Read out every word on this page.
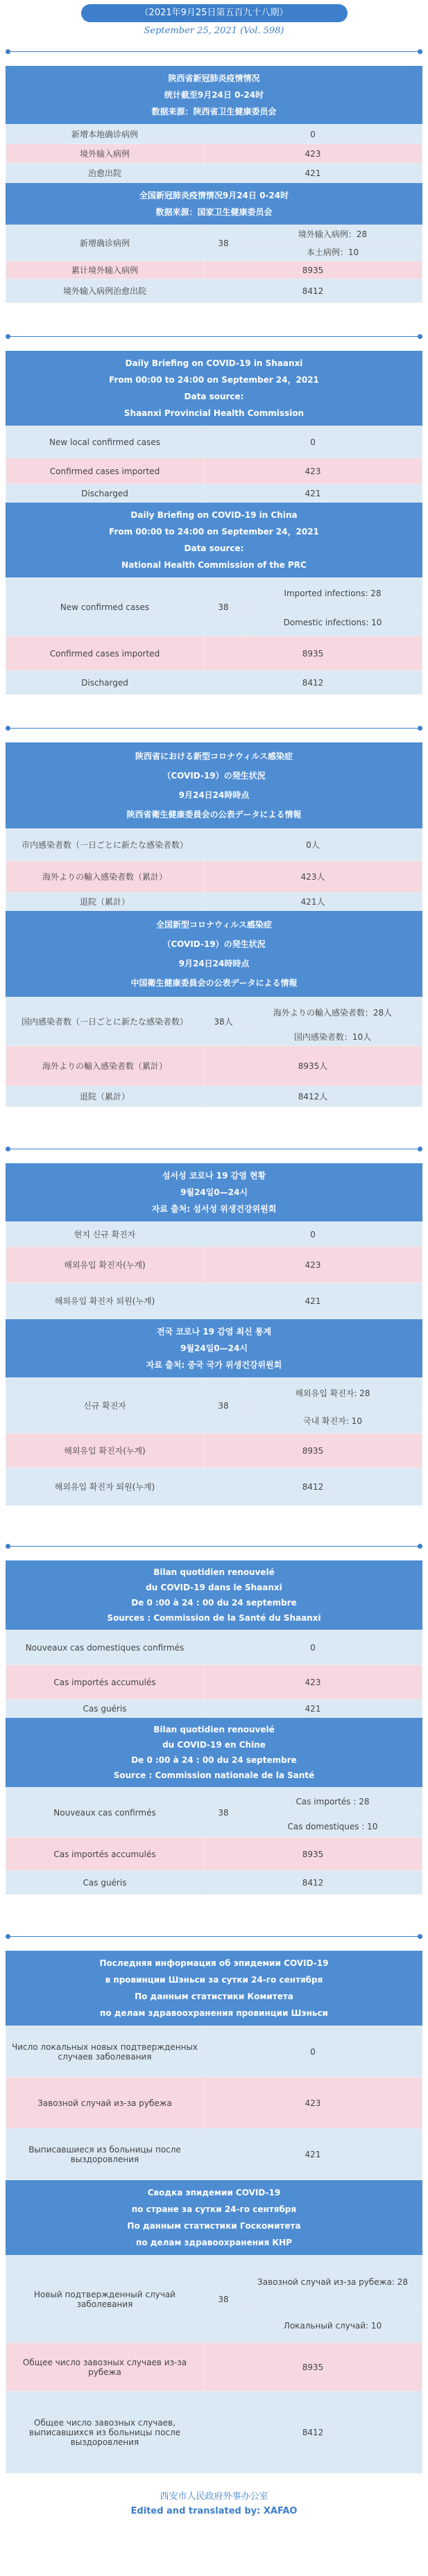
（2021年9月25日第五百九十八期）
September 25, 2021 (Vol. 598)
陕西省新冠肺炎疫情情况
统计截至9月24日 0-24时
数据来源：陕西省卫生健康委员会
新增本地确诊病例	0
境外输入病例	423
治愈出院	421
全国新冠肺炎疫情情况9月24日 0-24时
数据来源：国家卫生健康委员会
新增确诊病例	38	境外输入病例：28
		本土病例：10
累计境外输入病例	8935	
境外输入病例治愈出院	8412	
Daily Briefing on COVID-19 in Shaanxi
From 00:00 to 24:00 on September 24，2021
Data source:
Shaanxi Provincial Health Commission
New local confirmed cases	0
Confirmed cases imported	423
Discharged	421
Daily Briefing on COVID-19 in China
From 00:00 to 24:00 on September 24，2021
Data source:
National Health Commission of the PRC
New confirmed cases	38	Imported infections: 28
		Domestic infections: 10
Confirmed cases imported	8935	
Discharged	8412	
陕西省における新型コロナウィルス感染症
（COVID-19）の発生状況
9月24日24時時点
陕西省衛生健康委員会の公表データによる情報
市内感染者数（一日ごとに新たな感染者数）	0人
海外よりの輸入感染者数（累計）	423人
退院（累計）	421人
全国新型コロナウィルス感染症
（COVID-19）の発生状況
9月24日24時時点
中国衛生健康委員会の公表データによる情報
国内感染者数（一日ごとに新たな感染者数）	38人	海外よりの輸入感染者数：28人
		国内感染者数：10人
海外よりの輸入感染者数（累計）	8935人	
退院（累計）	8412人	
섬서성 코로나 19 감염 현황
9월24일0—24시
자료 출처: 섬서성 위생건강위원회
현지 신규 확진자	0
해외유입 확진자(누계)	423
해외유입 확진자 퇴원(누계)	421
전국 코로나 19 감염 최신 통계
9월24일0—24시
자료 출처: 중국 국가 위생건강위원회
신규 확진자	38	해외유입 확진자: 28
		국내 확진자: 10
해외유입 확진자(누계)	8935	
해외유입 확진자 퇴원(누계)	8412	
Bilan quotidien renouvelé
du COVID-19 dans le Shaanxi
De 0 :00 à 24 : 00 du 24 septembre
Sources : Commission de la Santé du Shaanxi
Nouveaux cas domestiques confirmés	0
Cas importés accumulés	423
Cas guéris	421
Bilan quotidien renouvelé
du COVID-19 en Chine
De 0 :00 à 24 : 00 du 24 septembre
Source : Commission nationale de la Santé
Nouveaux cas confirmés	38	Cas importés : 28
		Cas domestiques : 10
Cas importés accumulés	8935	
Cas guéris	8412	
Последняя информация об эпидемии COVID-19
в провинции Шэньси за сутки 24-го сентября
По данным статистики Комитета
по делам здравоохранения провинции Шэньси
Число локальных новых подтвержденных случаев заболевания	0
Завозной случай из-за рубежа	423
Выписавшиеся из больницы после выздоровления	421
Сводка эпидемии COVID-19
по стране за сутки 24-го сентября
По данным статистики Госкомитета
по делам здравоохранения КНР
Новый подтвержденный случай заболевания	38	Завозной случай из-за рубежа: 28
		Локальный случай: 10
Общее число завозных случаев из-за рубежа	8935	
Общее число завозных случаев, выписавшихся из больницы после выздоровления	8412	
西安市人民政府外事办公室
Edited and translated by: XAFAO
